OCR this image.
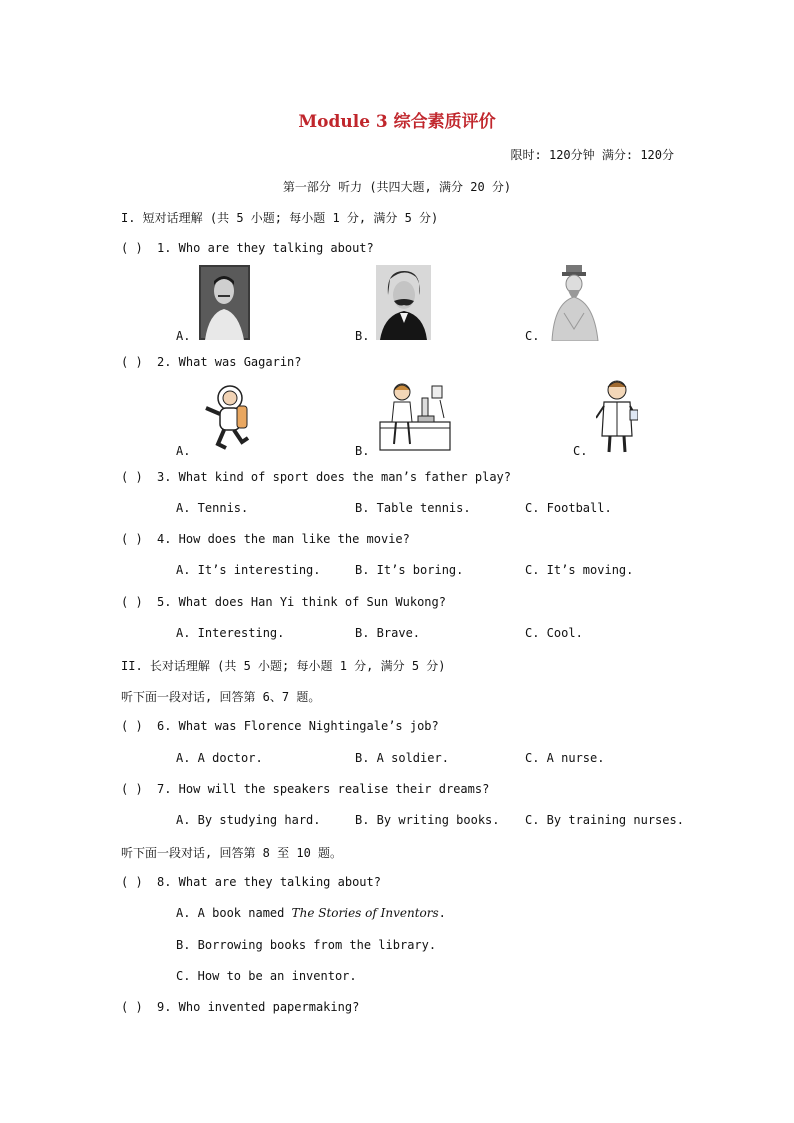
Module 3 综合素质评价
限时: 120分钟 满分: 120分
第一部分 听力 (共四大题, 满分 20 分)
I. 短对话理解 (共 5 小题; 每小题 1 分, 满分 5 分)
( ) 1. Who are they talking about?
A.	B.	C.
( ) 2. What was Gagarin?
A.	B.	C.
( ) 3. What kind of sport does the man’s father play?
A. Tennis.	B. Table tennis.	C. Football.
( ) 4. How does the man like the movie?
A. It’s interesting.	B. It’s boring.	C. It’s moving.
( ) 5. What does Han Yi think of Sun Wukong?
A. Interesting.	B. Brave.	C. Cool.
II. 长对话理解 (共 5 小题; 每小题 1 分, 满分 5 分)
听下面一段对话, 回答第 6、7 题。
( ) 6. What was Florence Nightingale’s job?
A. A doctor.	B. A soldier.	C. A nurse.
( ) 7. How will the speakers realise their dreams?
A. By studying hard.	B. By writing books. C. By training nurses.
听下面一段对话, 回答第 8 至 10 题。
( ) 8. What are they talking about?
A. A book named The Stories of Inventors.
B. Borrowing books from the library.
C. How to be an inventor.
( ) 9. Who invented papermaking?
